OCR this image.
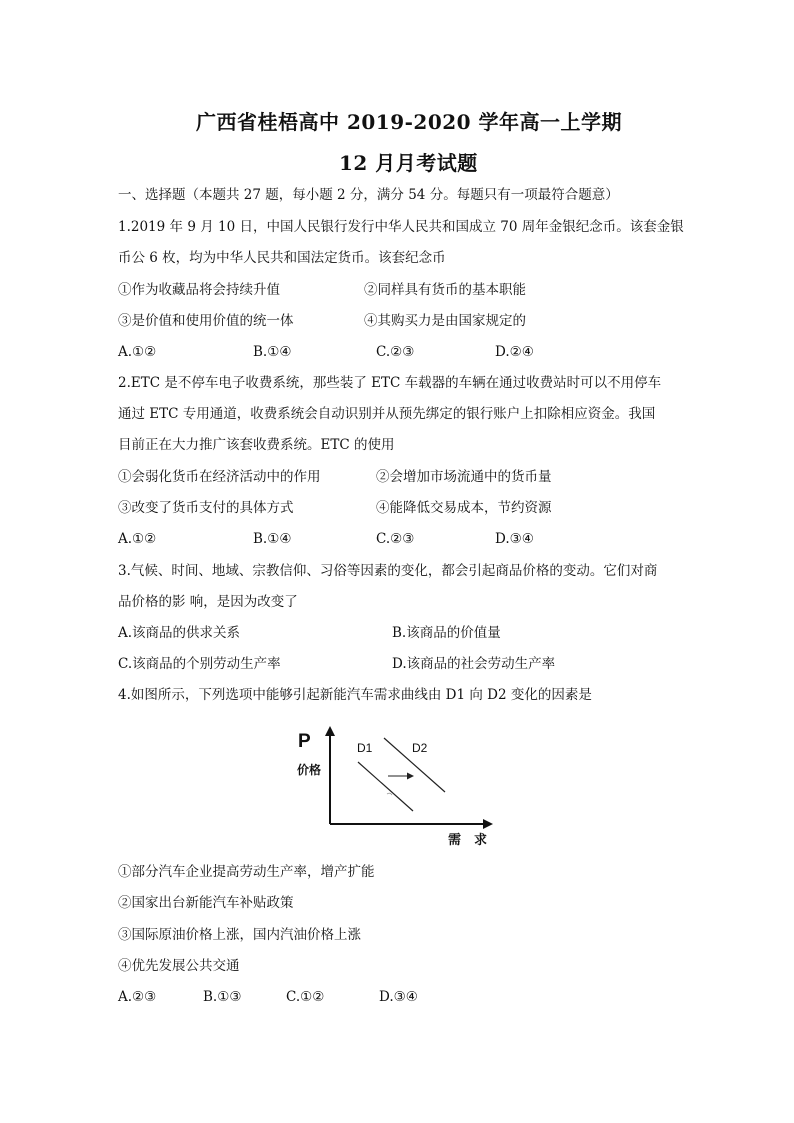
广西省桂梧高中 2019-2020 学年高一上学期
12 月月考试题
一、选择题（本题共 27 题，每小题 2 分，满分 54 分。每题只有一项最符合题意）
1.2019 年 9 月 10 日，中国人民银行发行中华人民共和国成立 70 周年金银纪念币。该套金银
币公 6 枚，均为中华人民共和国法定货币。该套纪念币
①作为收藏品将会持续升值	②同样具有货币的基本职能
③是价值和使用价值的统一体	④其购买力是由国家规定的
A.①②	B.①④	C.②③	D.②④
2.ETC 是不停车电子收费系统，那些装了 ETC 车载器的车辆在通过收费站时可以不用停车
通过 ETC 专用通道，收费系统会自动识别并从预先绑定的银行账户上扣除相应资金。我国
目前正在大力推广该套收费系统。ETC 的使用
①会弱化货币在经济活动中的作用	②会增加市场流通中的货币量
③改变了货币支付的具体方式	④能降低交易成本，节约资源
A.①②	B.①④	C.②③	D.③④
3.气候、时间、地域、宗教信仰、习俗等因素的变化，都会引起商品价格的变动。它们对商
品价格的影 响，是因为改变了
A.该商品的供求关系	B.该商品的价值量
C.该商品的个别劳动生产率	D.该商品的社会劳动生产率
4.如图所示，下列选项中能够引起新能汽车需求曲线由 D1 向 D2 变化的因素是
P
价格
D1	D2
需　求
①部分汽车企业提高劳动生产率，增产扩能
②国家出台新能汽车补贴政策
③国际原油价格上涨，国内汽油价格上涨
④优先发展公共交通
A.②③	B.①③	C.①②	D.③④
